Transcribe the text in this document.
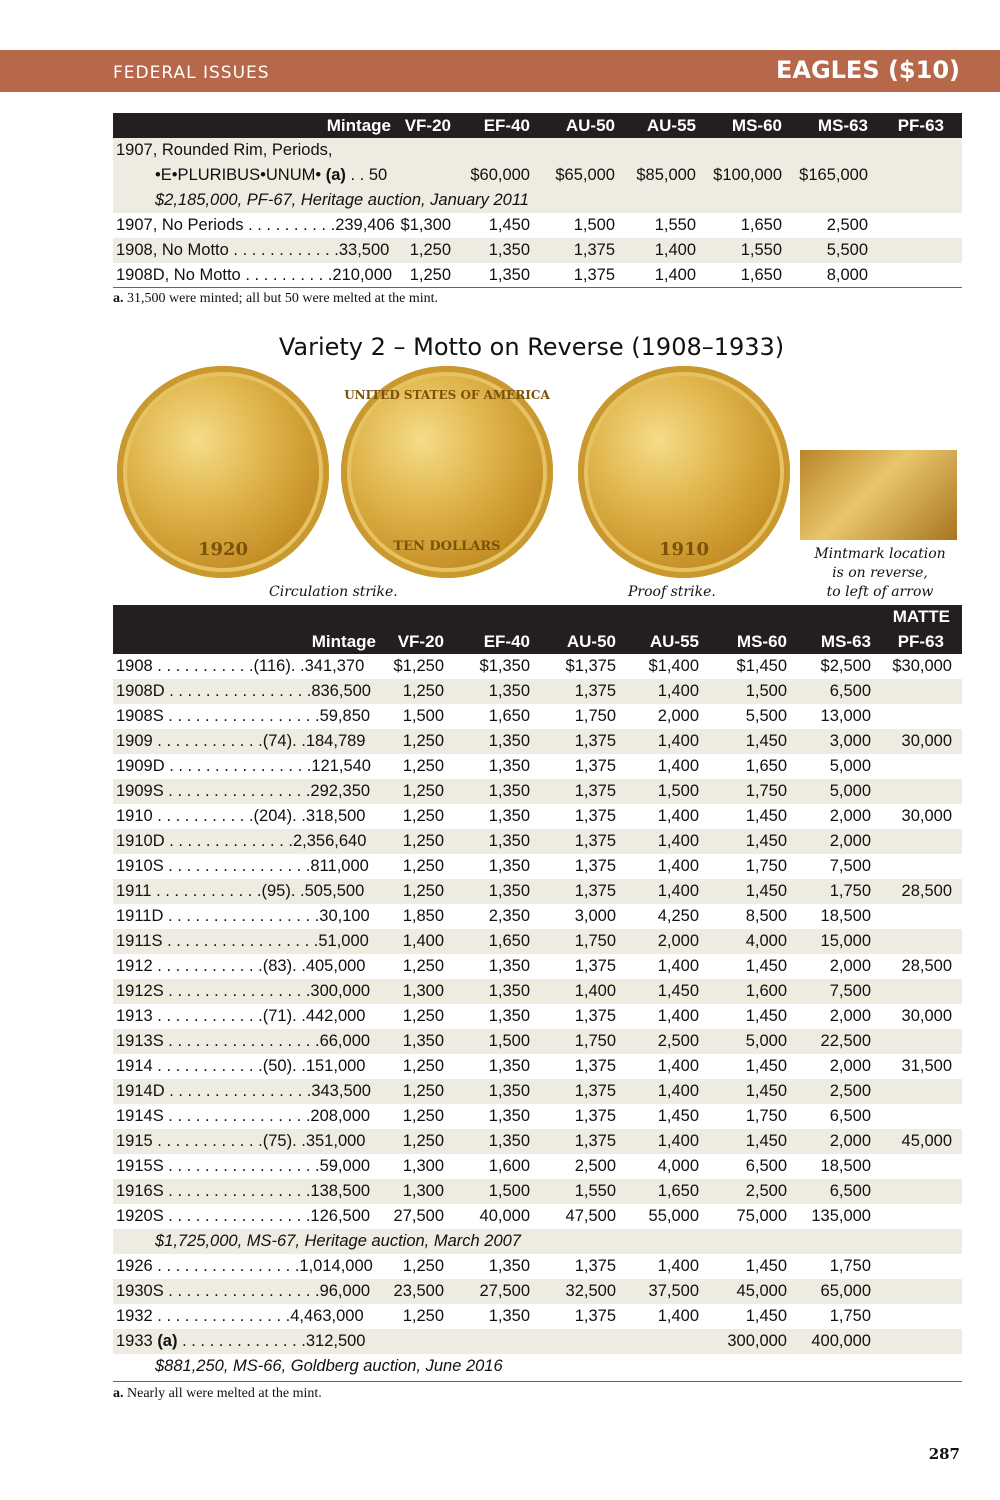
FEDERAL ISSUES	EAGLES ($10)
Mintage	VF-20	EF-40	AU-50	AU-55	MS-60	MS-63	PF-63
1907, Rounded Rim, Periods,							
•E•PLURIBUS•UNUM• (a) . . 50		$60,000	$65,000	$85,000	$100,000	$165,000	
$2,185,000, PF-67, Heritage auction, January 2011							
1907, No Periods . . . . . . . . . .239,406	$1,300	1,450	1,500	1,550	1,650	2,500	
1908, No Motto . . . . . . . . . . . .33,500	1,250	1,350	1,375	1,400	1,550	5,500	
1908D, No Motto . . . . . . . . . .210,000	1,250	1,350	1,375	1,400	1,650	8,000	
a. 31,500 were minted; all but 50 were melted at the mint.
Variety 2 – Motto on Reverse (1908–1933)
1920
UNITED STATES OF AMERICA
TEN DOLLARS	1910
Circulation strike.	Proof strike.
Mintmark location
is on reverse,
to left of arrow
							MATTE
Mintage	VF-20	EF-40	AU-50	AU-55	MS-60	MS-63	PF-63
1908 . . . . . . . . . . .(116). .341,370	$1,250	$1,350	$1,375	$1,400	$1,450	$2,500	$30,000
1908D . . . . . . . . . . . . . . . .836,500	1,250	1,350	1,375	1,400	1,500	6,500	
1908S . . . . . . . . . . . . . . . . .59,850	1,500	1,650	1,750	2,000	5,500	13,000	
1909 . . . . . . . . . . . .(74). .184,789	1,250	1,350	1,375	1,400	1,450	3,000	30,000
1909D . . . . . . . . . . . . . . . .121,540	1,250	1,350	1,375	1,400	1,650	5,000	
1909S . . . . . . . . . . . . . . . .292,350	1,250	1,350	1,375	1,500	1,750	5,000	
1910 . . . . . . . . . . .(204). .318,500	1,250	1,350	1,375	1,400	1,450	2,000	30,000
1910D . . . . . . . . . . . . . .2,356,640	1,250	1,350	1,375	1,400	1,450	2,000	
1910S . . . . . . . . . . . . . . . .811,000	1,250	1,350	1,375	1,400	1,750	7,500	
1911 . . . . . . . . . . . .(95). .505,500	1,250	1,350	1,375	1,400	1,450	1,750	28,500
1911D . . . . . . . . . . . . . . . . .30,100	1,850	2,350	3,000	4,250	8,500	18,500	
1911S . . . . . . . . . . . . . . . . .51,000	1,400	1,650	1,750	2,000	4,000	15,000	
1912 . . . . . . . . . . . .(83). .405,000	1,250	1,350	1,375	1,400	1,450	2,000	28,500
1912S . . . . . . . . . . . . . . . .300,000	1,300	1,350	1,400	1,450	1,600	7,500	
1913 . . . . . . . . . . . .(71). .442,000	1,250	1,350	1,375	1,400	1,450	2,000	30,000
1913S . . . . . . . . . . . . . . . . .66,000	1,350	1,500	1,750	2,500	5,000	22,500	
1914 . . . . . . . . . . . .(50). .151,000	1,250	1,350	1,375	1,400	1,450	2,000	31,500
1914D . . . . . . . . . . . . . . . .343,500	1,250	1,350	1,375	1,400	1,450	2,500	
1914S . . . . . . . . . . . . . . . .208,000	1,250	1,350	1,375	1,450	1,750	6,500	
1915 . . . . . . . . . . . .(75). .351,000	1,250	1,350	1,375	1,400	1,450	2,000	45,000
1915S . . . . . . . . . . . . . . . . .59,000	1,300	1,600	2,500	4,000	6,500	18,500	
1916S . . . . . . . . . . . . . . . .138,500	1,300	1,500	1,550	1,650	2,500	6,500	
1920S . . . . . . . . . . . . . . . .126,500	27,500	40,000	47,500	55,000	75,000	135,000	
$1,725,000, MS-67, Heritage auction, March 2007							
1926 . . . . . . . . . . . . . . . .1,014,000	1,250	1,350	1,375	1,400	1,450	1,750	
1930S . . . . . . . . . . . . . . . . .96,000	23,500	27,500	32,500	37,500	45,000	65,000	
1932 . . . . . . . . . . . . . . .4,463,000	1,250	1,350	1,375	1,400	1,450	1,750	
1933 (a) . . . . . . . . . . . . . .312,500					300,000	400,000	
$881,250, MS-66, Goldberg auction, June 2016							
a. Nearly all were melted at the mint.
287
